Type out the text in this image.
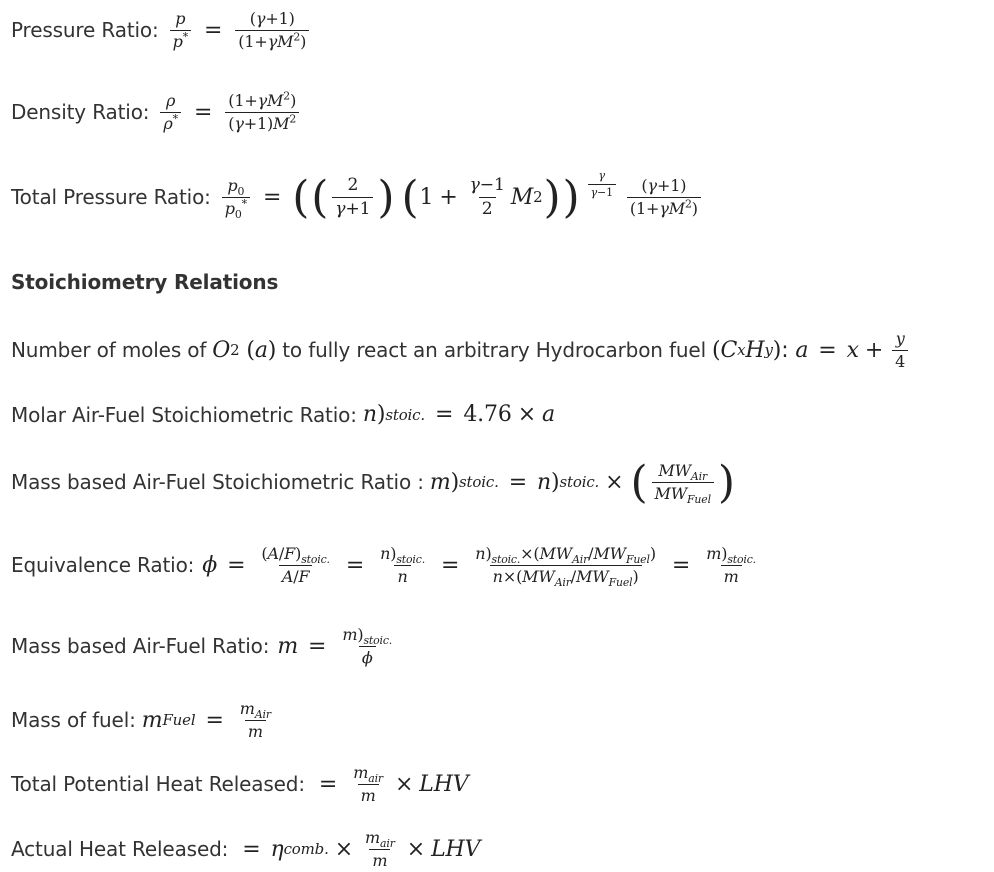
Pressure Ratio: $\frac{p}{p^*} = \frac{(\gamma+1)}{(1+\gamma M^2)}$
Density Ratio: $\frac{\rho}{\rho^*} = \frac{(1+\gamma M^2)}{(\gamma+1)M^2}$
Total Pressure Ratio: $\frac{p_0}{p_0^*}$ = ( ( $\frac{2}{\gamma+1}$ ) ( $1 + \frac{\gamma-1}{2}$ M 2 ) ) $\frac{\gamma}{\gamma-1} \frac{(\gamma+1)}{(1+\gamma M^2)}$
Stoichiometry Relations
Number of moles of O 2
( a ) to fully react an arbitrary Hydrocarbon fuel ( C x H y ) : $a = x + \frac{y}{4}$
Molar Air-Fuel Stoichiometric Ratio: n ) stoic. = 4.76 × a
Mass based Air-Fuel Stoichiometric Ratio : m ) stoic. = n ) stoic. × ( $\frac{MW_{Air}}{MW_{Fuel}}$ )
Equivalence Ratio: $\phi = \frac{(A/F)_{stoic.}}{A/F} = \frac{n)_{stoic.}}{n} = \frac{n)_{stoic.}\times(MW_{Air}/MW_{Fuel})}{n\times(MW_{Air}/MW_{Fuel})} = \frac{m)_{stoic.}}{m}$
Mass based Air-Fuel Ratio: $m = \frac{m)_{stoic.}}{\phi}$
Mass of fuel: m Fuel = $\frac{m_{Air}}{m}$
Total Potential Heat Released: = $\frac{m_{air}}{m}$ × LHV
Actual Heat Released: = η comb. × $\frac{m_{air}}{m}$ × LHV
